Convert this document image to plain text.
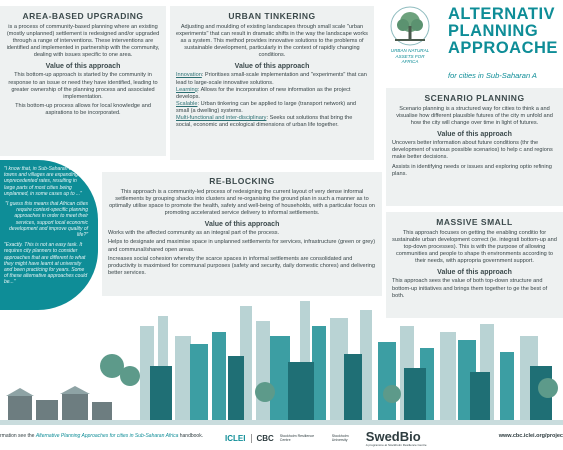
AREA-BASED UPGRADING
is a process of community-based planning where an existing (mostly unplanned) settlement is redesigned and/or upgraded through a range of interventions. These interventions are identified and implemented in partnership with the community, dealing with issues specific to one area.
Value of this approach
This bottom-up approach is started by the community in response to an issue or need they have identified, leading to greater ownership of the planning process and associated implementation.
This bottom-up process allows for local knowledge and aspirations to be incorporated.
URBAN TINKERING
Adjusting and moulding of existing landscapes through small scale "urban experiments" that can result in dramatic shifts in the way the landscape works as a system. This method provides innovative solutions to the problems of sustainable development, particularly in the context of rapidly changing conditions.
Value of this approach
Innovation: Prioritises small-scale implementation and "experiments" that can lead to large-scale innovative solutions.
Learning: Allows for the incorporation of new information as the project develops.
Scalable: Urban tinkering can be applied to large (transport network) and small (a dwelling) systems.
Multi-functional and inter-disciplinary: Seeks out solutions that bring the social, economic and ecological dimensions of urban life together.
URBAN NATURAL
ASSETS FOR
AFRICA
ALTERNATIV
PLANNING
APPROACHE
for cities in Sub-Saharan A
SCENARIO PLANNING
Scenario planning is a structured way for cities to think a and visualise how different plausible futures of the city m unfold and how the city will change over time in light of futures.
Value of this approach
Uncovers better information about future conditions (thr the development of various possible scenarios) to help c and regions make better decisions.
Assists in identifying needs or issues and exploring optio refining plans.
RE-BLOCKING
This approach is a community-led process of redesigning the current layout of very dense informal settlements by grouping shacks into clusters and re-organising the ground plan in such a manner as to optimally utilise space to promote the health, safety and well-being of households, with a particular focus on promoting accelerated service delivery to informal settlements.
Value of this approach
Works with the affected community as an integral part of the process.
Helps to designate and maximise space in unplanned settlements for services, infrastructure (green or grey) and communal/shared open areas.
Increases social cohesion whereby the scarce spaces in informal settlements are consolidated and productivity is maximised for communal purposes (safety and security, daily domestic chores) and delivering better services.
MASSIVE SMALL
This approach focuses on getting the enabling conditio for sustainable urban development correct (ie. integrati bottom-up and top-down processes). This is with the purpose of allowing communities and people to shape th environments according to their needs, with appropria government support.
Value of this approach
This approach sees the value of both top-down structure and bottom-up initiatives and brings them together to ge the best of both.

"I know that, in Sub-Saharan cities, towns and villages are expanding at unprecedented rates, resulting in large parts of most cities being unplanned, in some cases up to ..."

"I guess this means that African cities require context-specific planning approaches in order to meet their services, support local economic development and improve quality of life?"

"Exactly. This is not an easy task. It requires city planners to consider approaches that are different to what they might have learnt at university and been practicing for years. Some of these alternative approaches could be..."

rmation see the Alternative Planning Approaches for cities in Sub-Saharan Africa handbook.	ICLEI	CBC Stockholm Resilience Centre
Stockholm University	SwedBio
A programme at Stockholm Resilience Centre
www.cbc.iclei.org/projec
